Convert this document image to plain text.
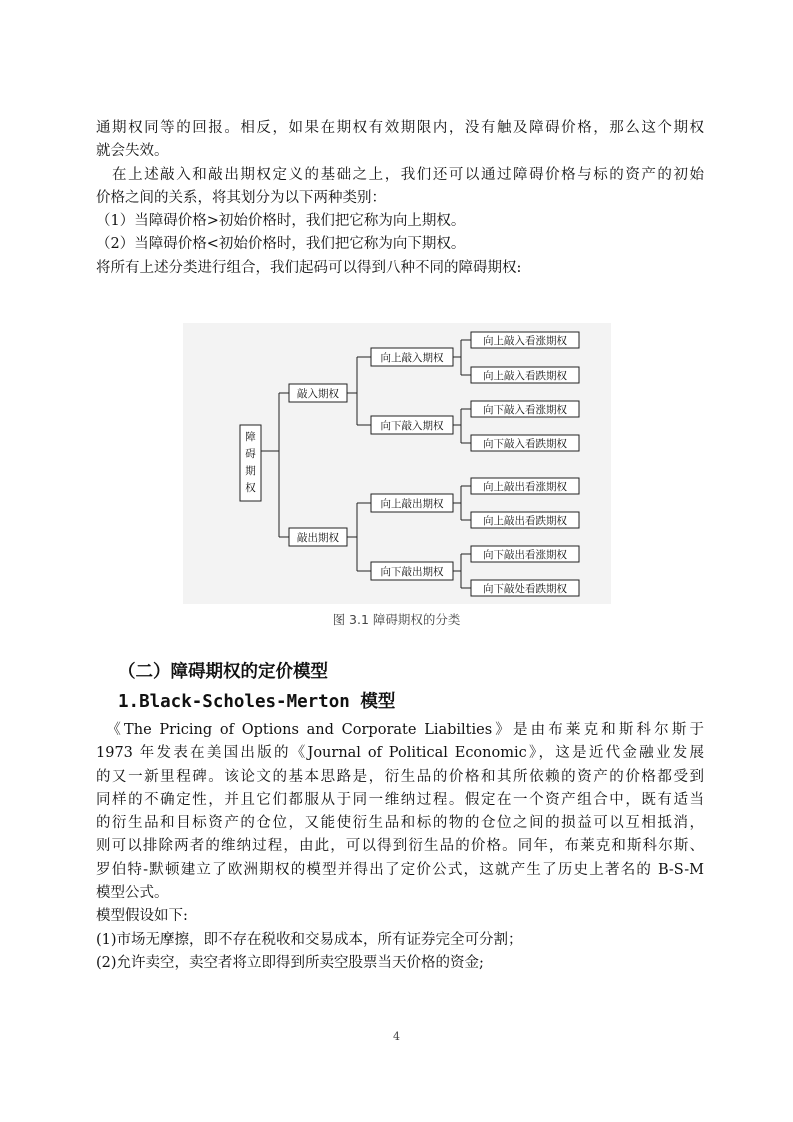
通期权同等的回报。相反，如果在期权有效期限内，没有触及障碍价格，那么这个期权

就会失效。

　在上述敲入和敲出期权定义的基础之上，我们还可以通过障碍价格与标的资产的初始

价格之间的关系，将其划分为以下两种类别：

（1）当障碍价格>初始价格时，我们把它称为向上期权。

（2）当障碍价格<初始价格时，我们把它称为向下期权。

将所有上述分类进行组合，我们起码可以得到八种不同的障碍期权:

障
碍
期
权
敲入期权
敲出期权
向上敲入期权
向下敲入期权
向上敲出期权
向下敲出期权
向上敲入看涨期权
向上敲入看跌期权
向下敲入看涨期权
向下敲入看跌期权
向上敲出看涨期权
向上敲出看跌期权
向下敲出看涨期权
向下敲处看跌期权
图 3.1 障碍期权的分类
（二）障碍期权的定价模型
1.Black-Scholes-Merton 模型

　《The Pricing of Options and Corporate Liabilties》是由布莱克和斯科尔斯于

1973 年发表在美国出版的《Journal of Political Economic》，这是近代金融业发展

的又一新里程碑。该论文的基本思路是，衍生品的价格和其所依赖的资产的价格都受到

同样的不确定性，并且它们都服从于同一维纳过程。假定在一个资产组合中，既有适当

的衍生品和目标资产的仓位，又能使衍生品和标的物的仓位之间的损益可以互相抵消，

则可以排除两者的维纳过程，由此，可以得到衍生品的价格。同年，布莱克和斯科尔斯、

罗伯特-默顿建立了欧洲期权的模型并得出了定价公式，这就产生了历史上著名的 B-S-M

模型公式。

模型假设如下:

(1)市场无摩擦，即不存在税收和交易成本，所有证券完全可分割；

(2)允许卖空，卖空者将立即得到所卖空股票当天价格的资金;

4
